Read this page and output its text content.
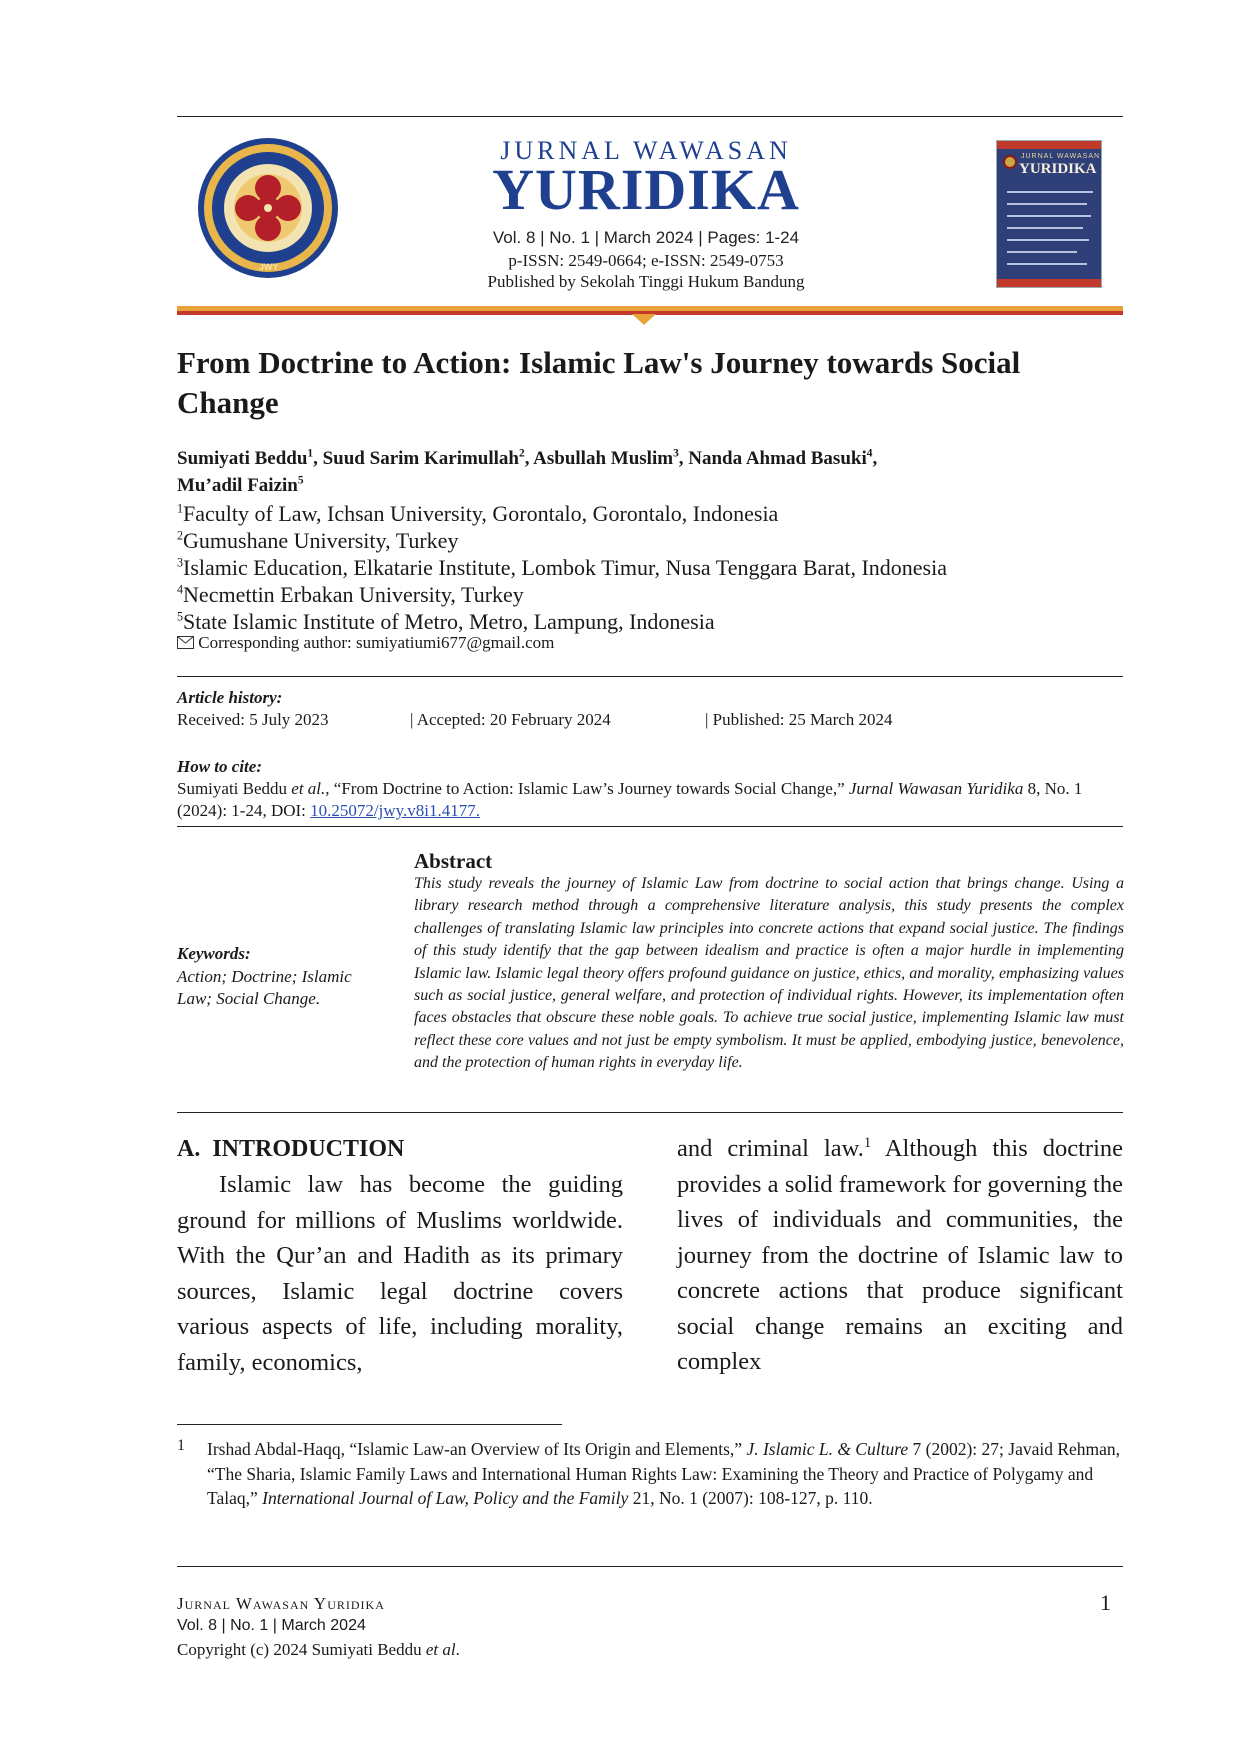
JWY
JURNAL WAWASAN
YURIDIKA
Vol. 8 | No. 1 | March 2024 | Pages: 1-24
p-ISSN: 2549-0664; e-ISSN: 2549-0753
Published by Sekolah Tinggi Hukum Bandung
JURNAL WAWASAN
YURIDIKA
From Doctrine to Action: Islamic Law's Journey towards Social Change
Sumiyati Beddu$^1$, Suud Sarim Karimullah$^2$, Asbullah Muslim$^3$, Nanda Ahmad Basuki$^4$,
Mu’adil Faizin$^5$
$^1$Faculty of Law, Ichsan University, Gorontalo, Gorontalo, Indonesia
$^2$Gumushane University, Turkey
$^3$Islamic Education, Elkatarie Institute, Lombok Timur, Nusa Tenggara Barat, Indonesia
$^4$Necmettin Erbakan University, Turkey
$^5$State Islamic Institute of Metro, Metro, Lampung, Indonesia
Corresponding author: sumiyatiumi677@gmail.com
Article history:
Received: 5 July 2023	| Accepted: 20 February 2024	| Published: 25 March 2024
How to cite:
Sumiyati Beddu et al., “From Doctrine to Action: Islamic Law’s Journey towards Social Change,” Jurnal Wawasan Yuridika 8, No. 1 (2024): 1-24, DOI: 10.25072/jwy.v8i1.4177.
Keywords:
Action; Doctrine; Islamic Law; Social Change.
Abstract
This study reveals the journey of Islamic Law from doctrine to social action that brings change. Using a library research method through a comprehensive literature analysis, this study presents the complex challenges of translating Islamic law principles into concrete actions that expand social justice. The findings of this study identify that the gap between idealism and practice is often a major hurdle in implementing Islamic law. Islamic legal theory offers profound guidance on justice, ethics, and morality, emphasizing values such as social justice, general welfare, and protection of individual rights. However, its implementation often faces obstacles that obscure these noble goals. To achieve true social justice, implementing Islamic law must reflect these core values and not just be empty symbolism. It must be applied, embodying justice, benevolence, and the protection of human rights in everyday life.
A.  INTRODUCTION
Islamic law has become the guiding ground for millions of Muslims worldwide. With the Qur’an and Hadith as its primary sources, Islamic legal doctrine covers various aspects of life, including morality, family, economics,
and criminal law.$^1$ Although this doctrine provides a solid framework for governing the lives of individuals and communities, the journey from the doctrine of Islamic law to concrete actions that produce significant social change remains an exciting and complex
1 Irshad Abdal-Haqq, “Islamic Law-an Overview of Its Origin and Elements,” J. Islamic L. & Culture 7 (2002): 27; Javaid Rehman, “The Sharia, Islamic Family Laws and International Human Rights Law: Examining the Theory and Practice of Polygamy and Talaq,” International Journal of Law, Policy and the Family 21, No. 1 (2007): 108-127, p. 110.
Jurnal Wawasan Yuridika
Vol. 8 | No. 1 | March 2024
Copyright (c) 2024 Sumiyati Beddu et al.
1
